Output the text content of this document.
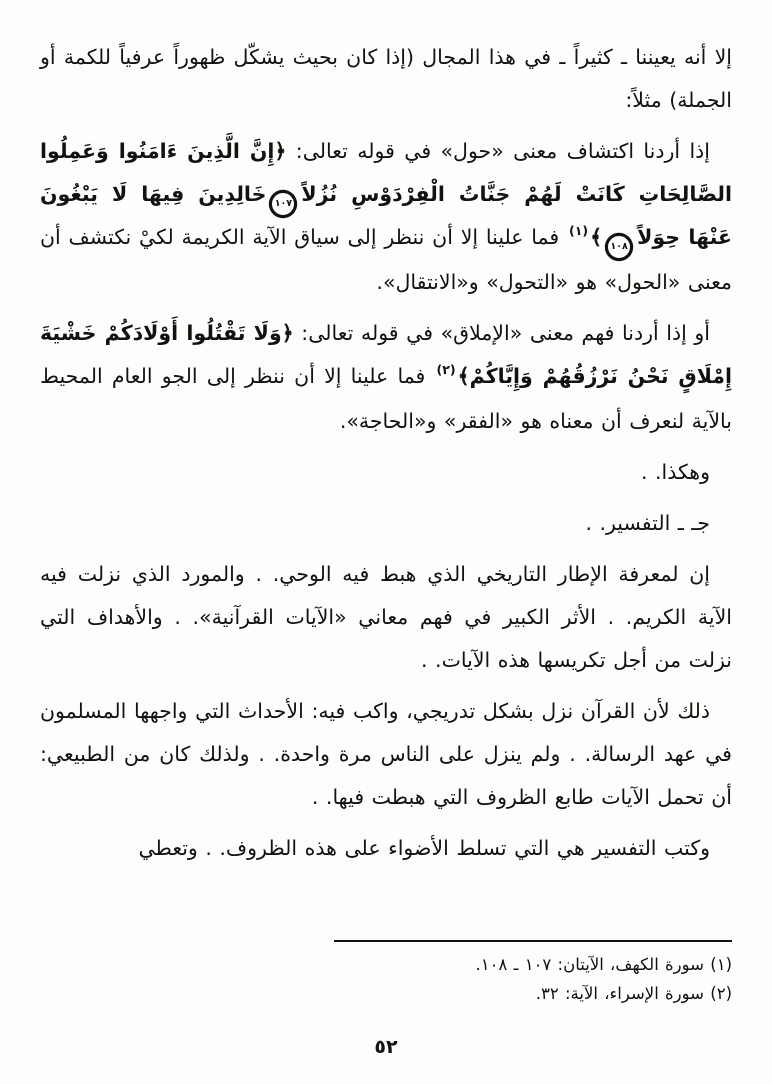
إلا أنه يعيننا ـ كثيراً ـ في هذا المجال (إذا كان بحيث يشكّل ظهوراً عرفياً للكمة أو الجملة) مثلاً:

إذا أردنا اكتشاف معنى «حول» في قوله تعالى: ﴿إِنَّ الَّذِينَ ءَامَنُوا وَعَمِلُوا الصَّالِحَاتِ كَانَتْ لَهُمْ جَنَّاتُ الْفِرْدَوْسِ نُزُلاً١٠٧خَالِدِينَ فِيهَا لَا يَبْغُونَ عَنْهَا حِوَلاً١٠٨﴾(١) فما علينا إلا أن ننظر إلى سياق الآية الكريمة لكيْ نكتشف أن معنى «الحول» هو «التحول» و«الانتقال».

أو إذا أردنا فهم معنى «الإملاق» في قوله تعالى: ﴿وَلَا تَقْتُلُوا أَوْلَادَكُمْ خَشْيَةَ إِمْلَاقٍ نَحْنُ نَرْزُقُهُمْ وَإِيَّاكُمْ﴾(٢) فما علينا إلا أن ننظر إلى الجو العام المحيط بالآية لنعرف أن معناه هو «الفقر» و«الحاجة».

وهكذا. .

جـ ـ التفسير. .

إن لمعرفة الإطار التاريخي الذي هبط فيه الوحي. . والمورد الذي نزلت فيه الآية الكريم. . الأثر الكبير في فهم معاني «الآيات القرآنية». . والأهداف التي نزلت من أجل تكريسها هذه الآيات. .

ذلك لأن القرآن نزل بشكل تدريجي، واكب فيه: الأحداث التي واجهها المسلمون في عهد الرسالة. . ولم ينزل على الناس مرة واحدة. . ولذلك كان من الطبيعي: أن تحمل الآيات طابع الظروف التي هبطت فيها. .

وكتب التفسير هي التي تسلط الأضواء على هذه الظروف. . وتعطي

(١) سورة الكهف، الآيتان: ١٠٧ ـ ١٠٨.
(٢) سورة الإسراء، الآية: ٣٢.
٥٢
